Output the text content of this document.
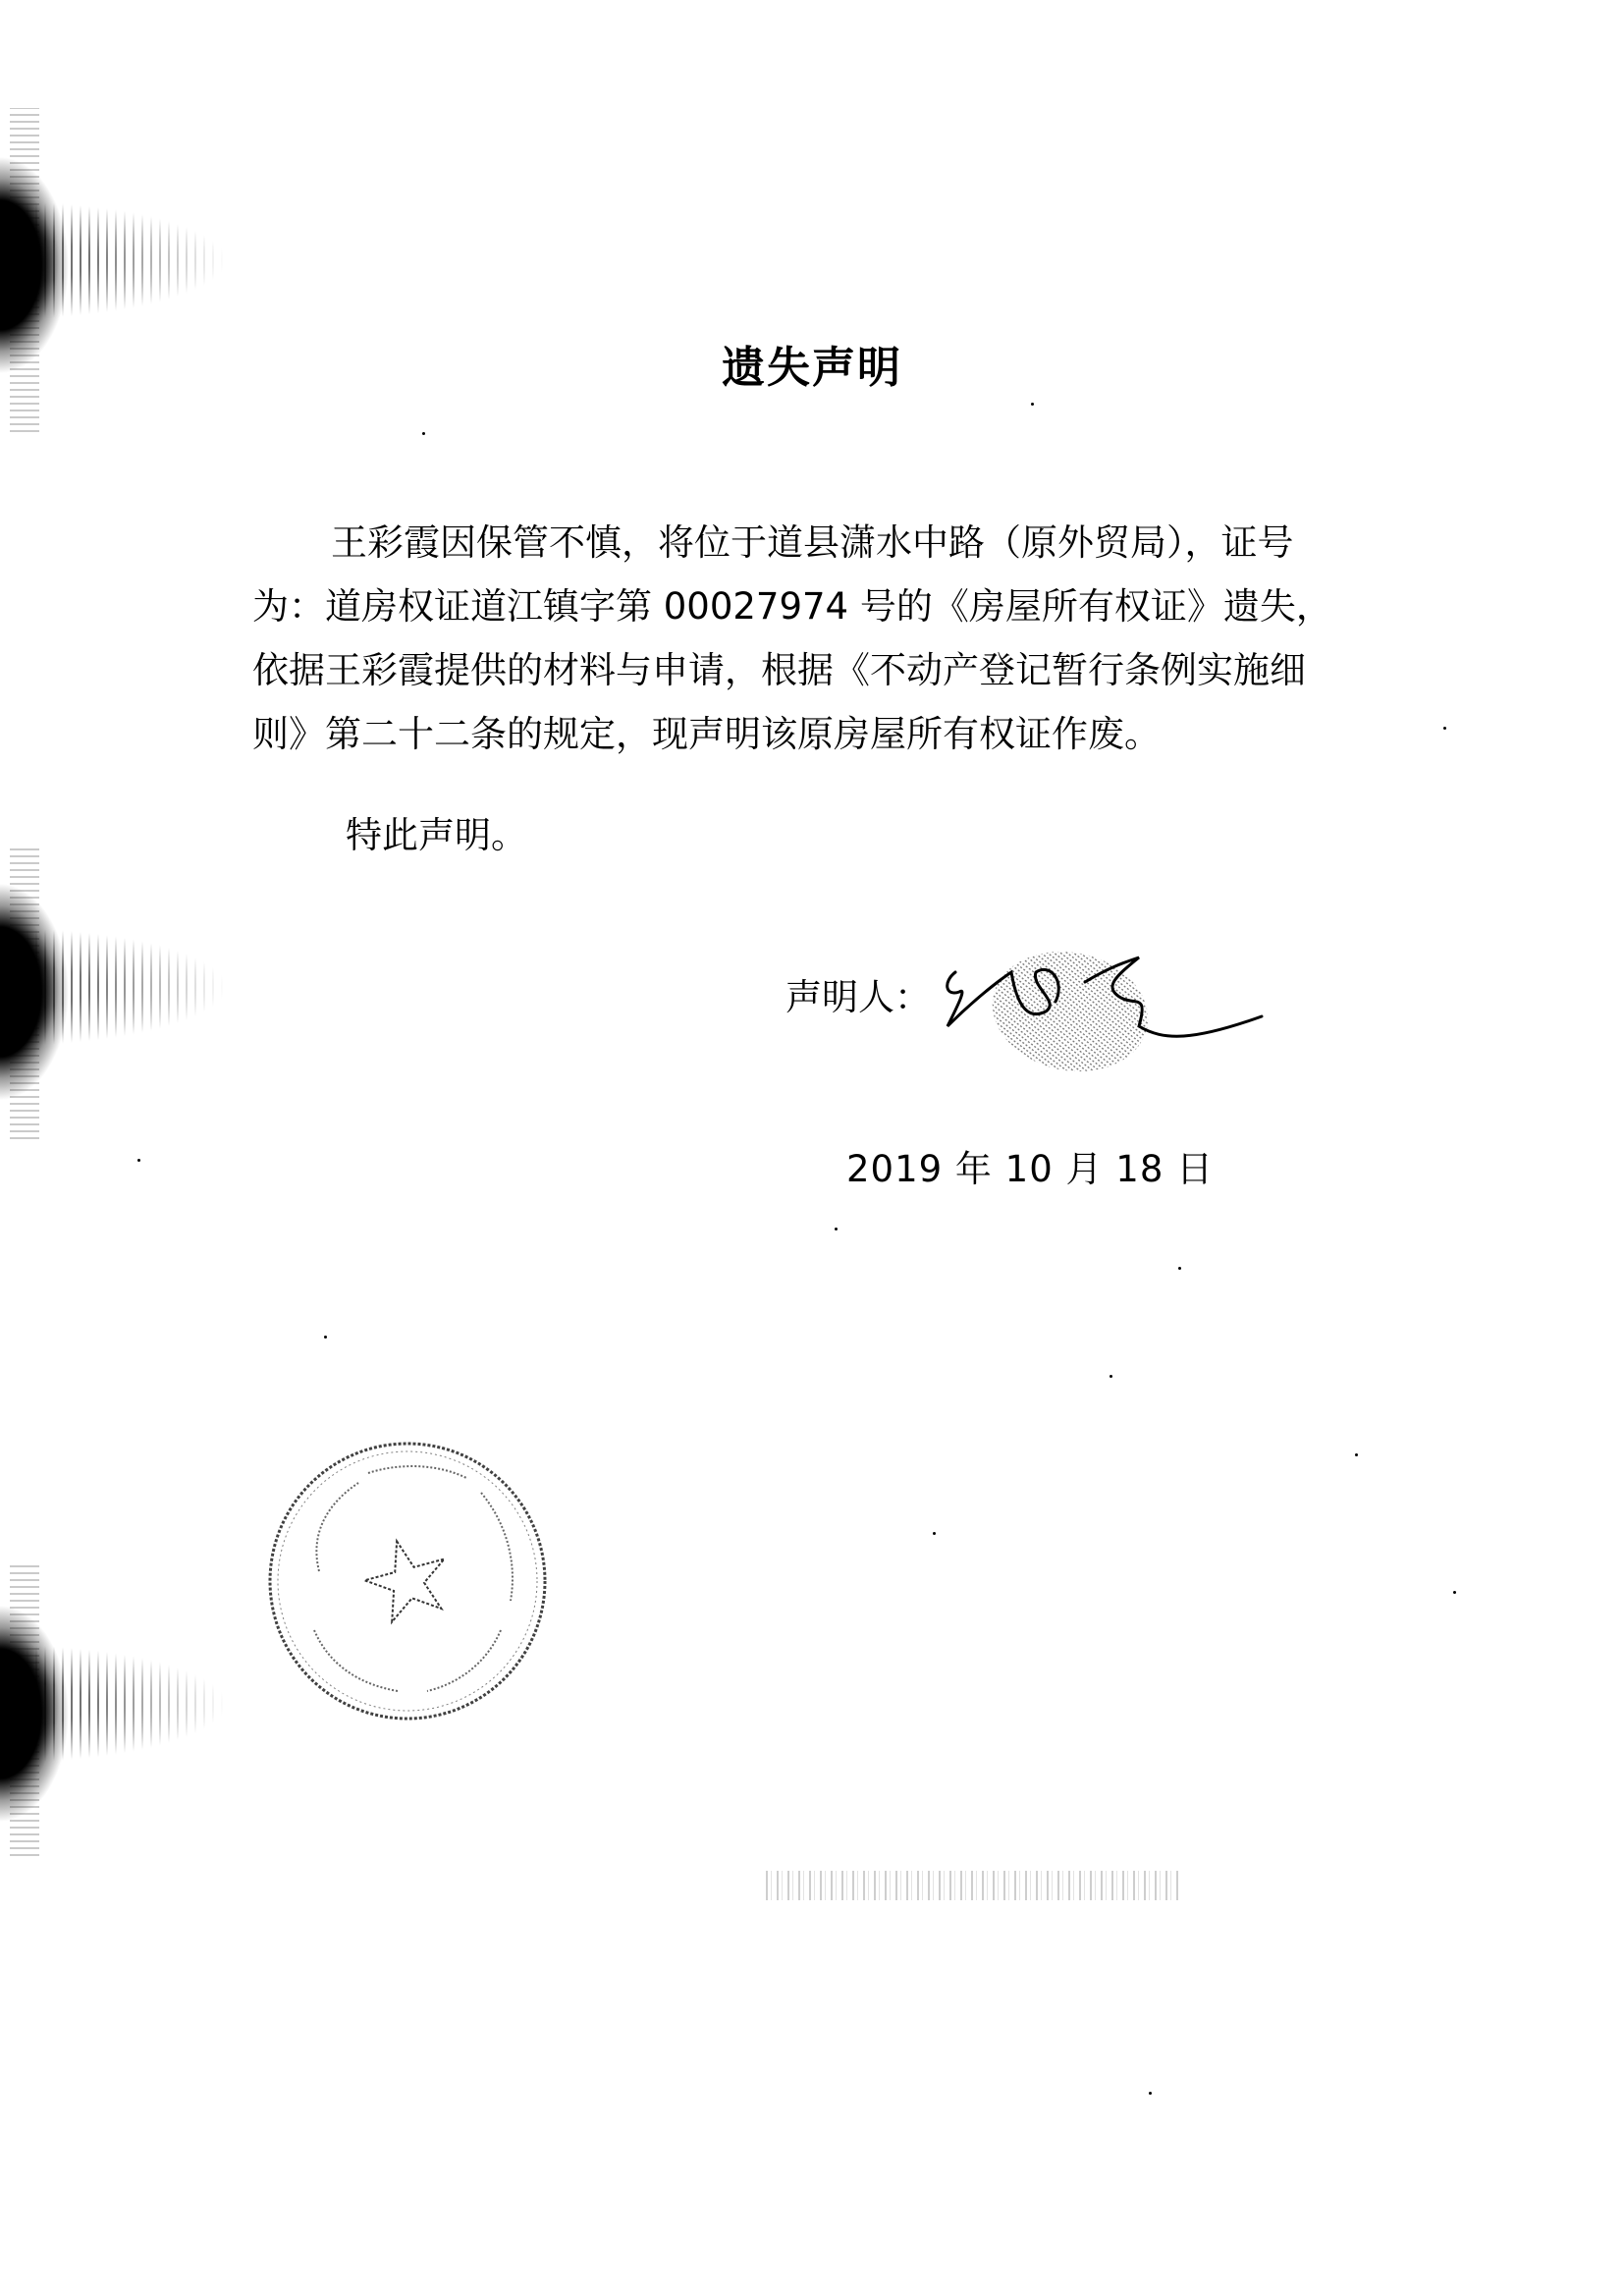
遗失声明
王彩霞因保管不慎，将位于道县潇水中路（原外贸局），证号
为：道房权证道江镇字第 00027974 号的《房屋所有权证》遗失，
依据王彩霞提供的材料与申请，根据《不动产登记暂行条例实施细
则》第二十二条的规定，现声明该原房屋所有权证作废。
特此声明。
声明人：
2019 年 10 月 18 日
